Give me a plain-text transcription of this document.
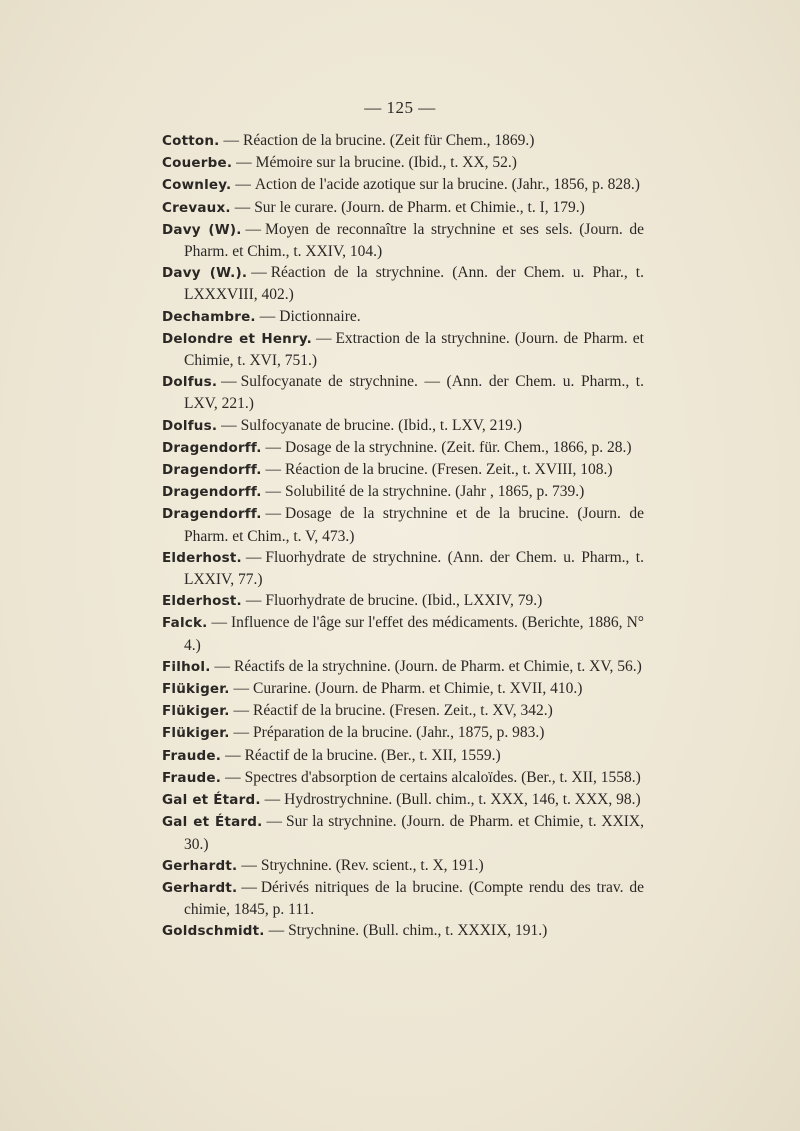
— 125 —
Cotton. — Réaction de la brucine. (Zeit für Chem., 1869.)
Couerbe. — Mémoire sur la brucine. (Ibid., t. XX, 52.)
Cownley. — Action de l'acide azotique sur la brucine. (Jahr., 1856, p. 828.)
Crevaux. — Sur le curare. (Journ. de Pharm. et Chimie., t. I, 179.)
Davy (W). — Moyen de reconnaître la strychnine et ses sels. (Journ. de Pharm. et Chim., t. XXIV, 104.)
Davy (W.). — Réaction de la strychnine. (Ann. der Chem. u. Phar., t. LXXXVIII, 402.)
Dechambre. — Dictionnaire.
Delondre et Henry. — Extraction de la strychnine. (Journ. de Pharm. et Chimie, t. XVI, 751.)
Dolfus. — Sulfocyanate de strychnine. — (Ann. der Chem. u. Pharm., t. LXV, 221.)
Dolfus. — Sulfocyanate de brucine. (Ibid., t. LXV, 219.)
Dragendorff. — Dosage de la strychnine. (Zeit. für. Chem., 1866, p. 28.)
Dragendorff. — Réaction de la brucine. (Fresen. Zeit., t. XVIII, 108.)
Dragendorff. — Solubilité de la strychnine. (Jahr , 1865, p. 739.)
Dragendorff. — Dosage de la strychnine et de la brucine. (Journ. de Pharm. et Chim., t. V, 473.)
Elderhost. — Fluorhydrate de strychnine. (Ann. der Chem. u. Pharm., t. LXXIV, 77.)
Elderhost. — Fluorhydrate de brucine. (Ibid., LXXIV, 79.)
Falck. — Influence de l'âge sur l'effet des médicaments. (Berichte, 1886, N° 4.)
Filhol. — Réactifs de la strychnine. (Journ. de Pharm. et Chimie, t. XV, 56.)
Flükiger. — Curarine. (Journ. de Pharm. et Chimie, t. XVII, 410.)
Flükiger. — Réactif de la brucine. (Fresen. Zeit., t. XV, 342.)
Flükiger. — Préparation de la brucine. (Jahr., 1875, p. 983.)
Fraude. — Réactif de la brucine. (Ber., t. XII, 1559.)
Fraude. — Spectres d'absorption de certains alcaloïdes. (Ber., t. XII, 1558.)
Gal et Étard. — Hydrostrychnine. (Bull. chim., t. XXX, 146, t. XXX, 98.)
Gal et Étard. — Sur la strychnine. (Journ. de Pharm. et Chimie, t. XXIX, 30.)
Gerhardt. — Strychnine. (Rev. scient., t. X, 191.)
Gerhardt. — Dérivés nitriques de la brucine. (Compte rendu des trav. de chimie, 1845, p. 111.
Goldschmidt. — Strychnine. (Bull. chim., t. XXXIX, 191.)
